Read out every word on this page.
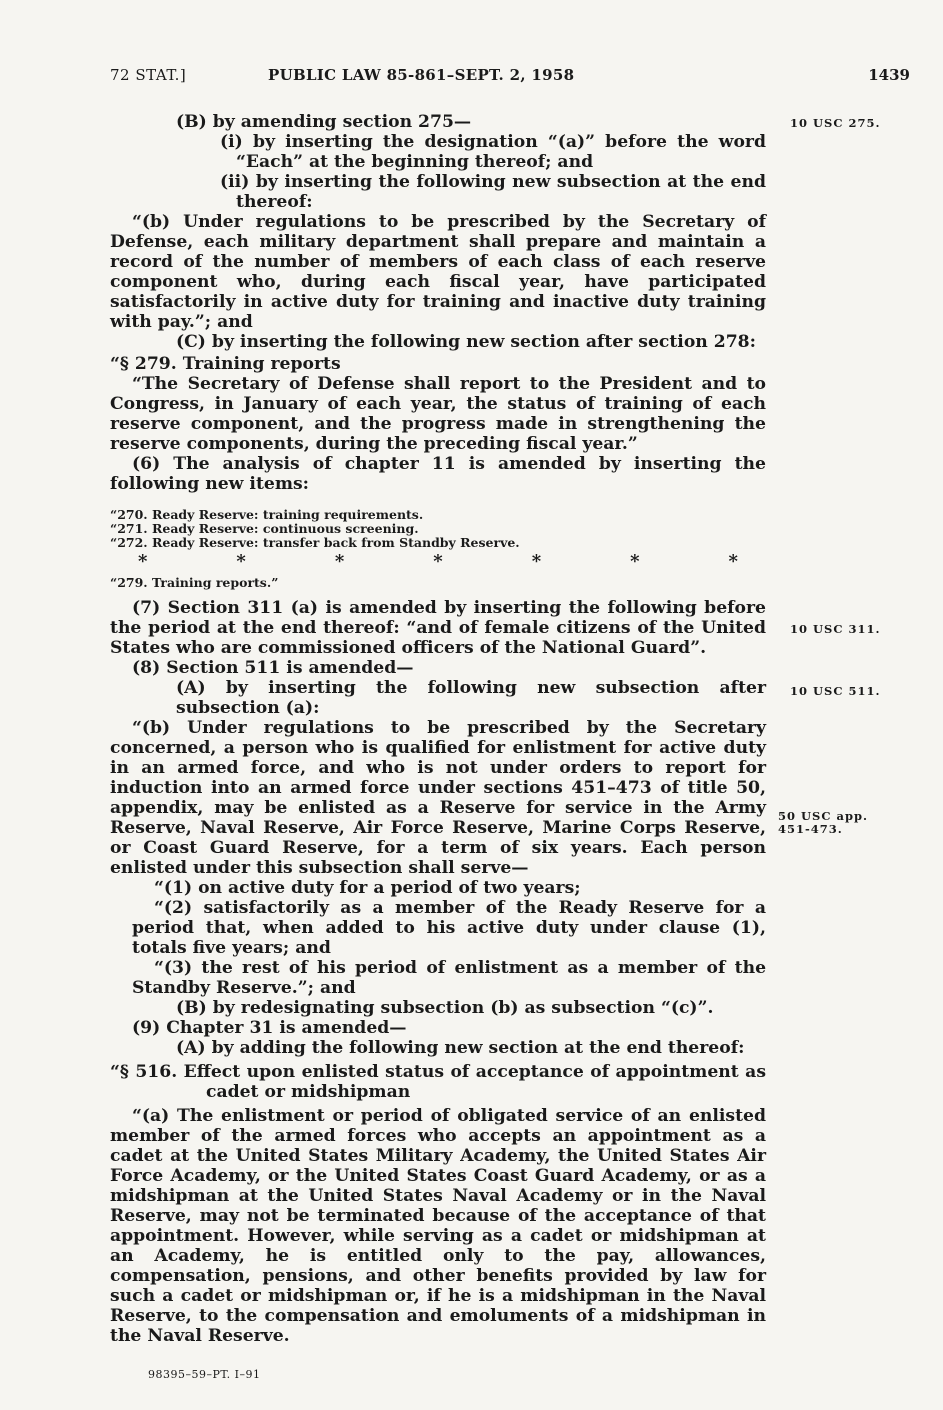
72 STAT.]	PUBLIC LAW 85-861–SEPT. 2, 1958	1439
10 USC 275.
10 USC 311.
10 USC 511.
50 USC app.
451-473.

(B) by amending section 275—

(i) by inserting the designation “(a)” before the word “Each” at the beginning thereof; and

(ii) by inserting the following new subsection at the end thereof:

“(b) Under regulations to be prescribed by the Secretary of Defense, each military department shall prepare and maintain a record of the number of members of each class of each reserve component who, during each fiscal year, have participated satisfactorily in active duty for training and inactive duty training with pay.”; and

(C) by inserting the following new section after section 278:

“§ 279. Training reports

“The Secretary of Defense shall report to the President and to Congress, in January of each year, the status of training of each reserve component, and the progress made in strengthening the reserve components, during the preceding fiscal year.”

(6) The analysis of chapter 11 is amended by inserting the following new items:

“270. Ready Reserve: training requirements.

“271. Ready Reserve: continuous screening.

“272. Ready Reserve: transfer back from Standby Reserve.

*	*	*	*	*	*	*

“279. Training reports.”

(7) Section 311 (a) is amended by inserting the following before the period at the end thereof: “and of female citizens of the United States who are commissioned officers of the National Guard”.

(8) Section 511 is amended—

(A) by inserting the following new subsection after subsection (a):

“(b) Under regulations to be prescribed by the Secretary concerned, a person who is qualified for enlistment for active duty in an armed force, and who is not under orders to report for induction into an armed force under sections 451–473 of title 50, appendix, may be enlisted as a Reserve for service in the Army Reserve, Naval Reserve, Air Force Reserve, Marine Corps Reserve, or Coast Guard Reserve, for a term of six years. Each person enlisted under this subsection shall serve—

“(1) on active duty for a period of two years;

“(2) satisfactorily as a member of the Ready Reserve for a period that, when added to his active duty under clause (1), totals five years; and

“(3) the rest of his period of enlistment as a member of the Standby Reserve.”; and

(B) by redesignating subsection (b) as subsection “(c)”.

(9) Chapter 31 is amended—

(A) by adding the following new section at the end thereof:

“§ 516. Effect upon enlisted status of acceptance of appointment as cadet or midshipman

“(a) The enlistment or period of obligated service of an enlisted member of the armed forces who accepts an appointment as a cadet at the United States Military Academy, the United States Air Force Academy, or the United States Coast Guard Academy, or as a midshipman at the United States Naval Academy or in the Naval Reserve, may not be terminated because of the acceptance of that appointment. However, while serving as a cadet or midshipman at an Academy, he is entitled only to the pay, allowances, compensation, pensions, and other benefits provided by law for such a cadet or midshipman or, if he is a midshipman in the Naval Reserve, to the compensation and emoluments of a midshipman in the Naval Reserve.

98395–59–PT. I–91
